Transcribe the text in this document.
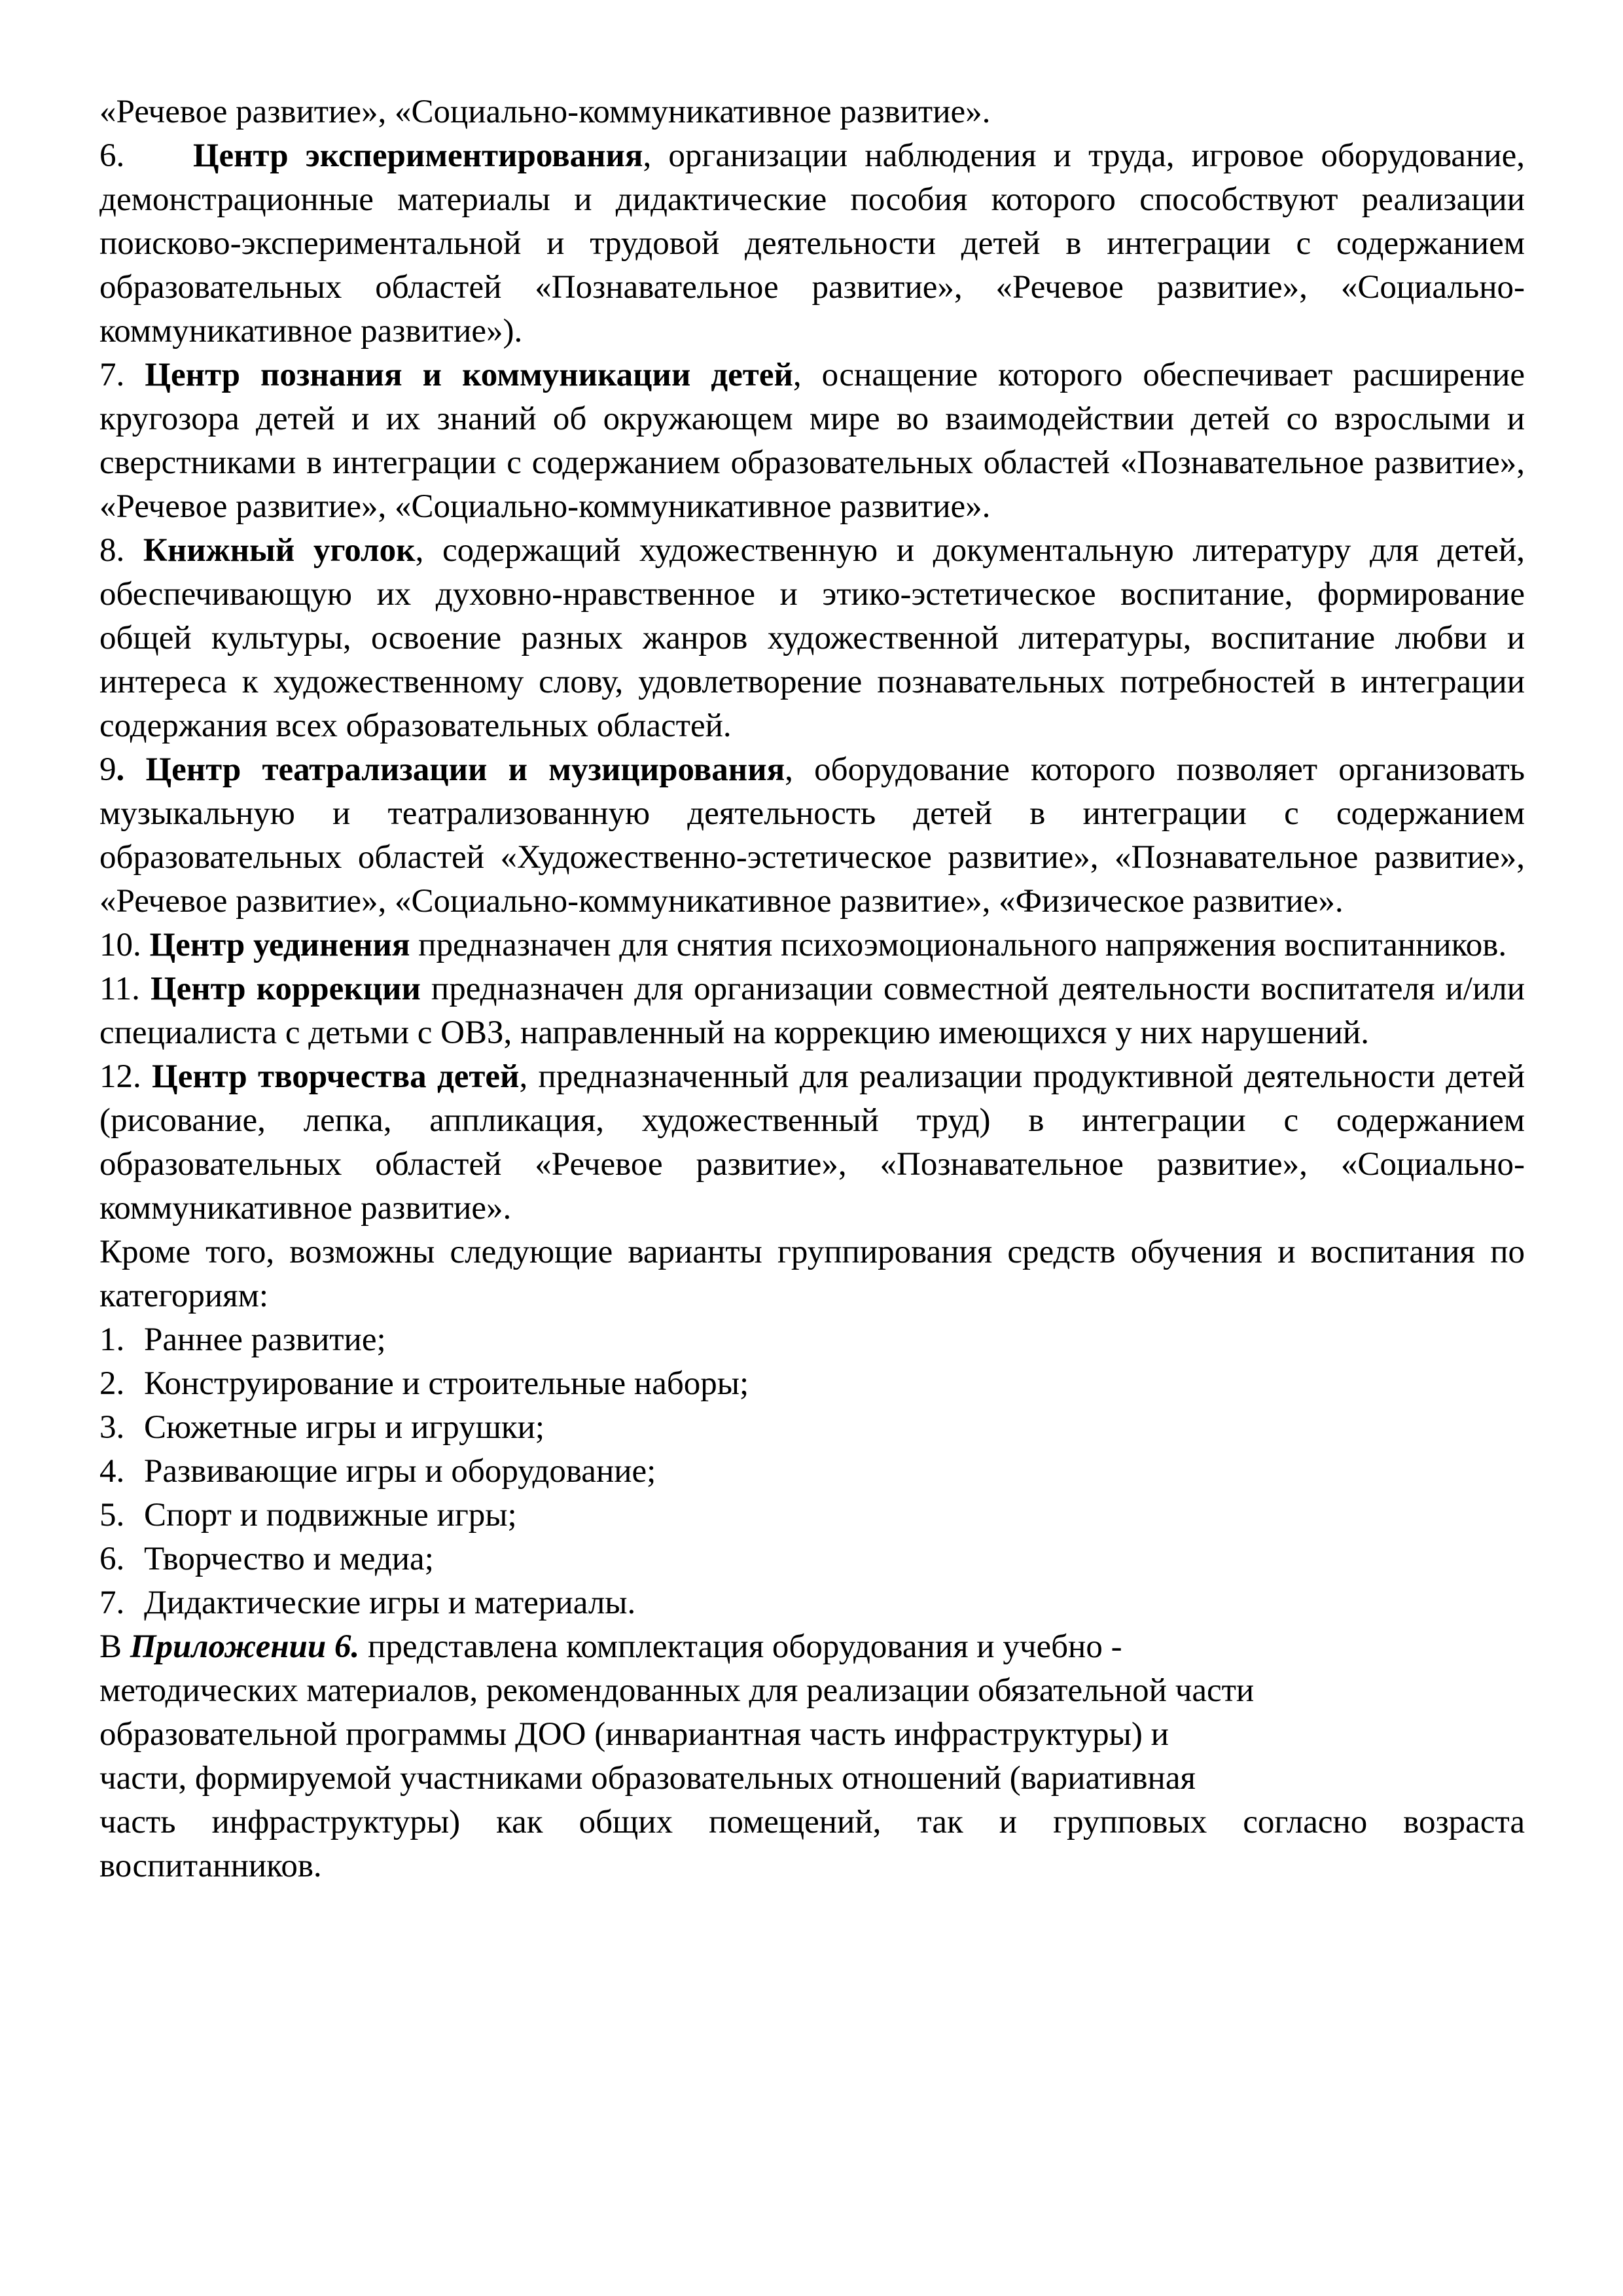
«Речевое развитие», «Социально-коммуникативное развитие».

6. Центр экспериментирования, организации наблюдения и труда, игровое оборудование, демонстрационные материалы и дидактические пособия которого способствуют реализации поисково-экспериментальной и трудовой деятельности детей в интеграции с содержанием образовательных областей «Познавательное развитие», «Речевое развитие», «Социально-коммуникативное развитие»).

7. Центр познания и коммуникации детей, оснащение которого обеспечивает расширение кругозора детей и их знаний об окружающем мире во взаимодействии детей со взрослыми и сверстниками в интеграции с содержанием образовательных областей «Познавательное развитие», «Речевое развитие», «Социально-коммуникативное развитие».

8. Книжный уголок, содержащий художественную и документальную литературу для детей, обеспечивающую их духовно-нравственное и этико-эстетическое воспитание, формирование общей культуры, освоение разных жанров художественной литературы, воспитание любви и интереса к художественному слову, удовлетворение познавательных потребностей в интеграции содержания всех образовательных областей.

9. Центр театрализации и музицирования, оборудование которого позволяет организовать музыкальную и театрализованную деятельность детей в интеграции с содержанием образовательных областей «Художественно-эстетическое развитие», «Познавательное развитие», «Речевое развитие», «Социально-коммуникативное развитие», «Физическое развитие».

10. Центр уединения предназначен для снятия психоэмоционального напряжения воспитанников.

11. Центр коррекции предназначен для организации совместной деятельности воспитателя и/или специалиста с детьми с ОВЗ, направленный на коррекцию имеющихся у них нарушений.

12. Центр творчества детей, предназначенный для реализации продуктивной деятельности детей (рисование, лепка, аппликация, художественный труд) в интеграции с содержанием образовательных областей «Речевое развитие», «Познавательное развитие», «Социально-коммуникативное развитие».

Кроме того, возможны следующие варианты группирования средств обучения и воспитания по категориям:

1. Раннее развитие;
2. Конструирование и строительные наборы;
3. Сюжетные игры и игрушки;
4. Развивающие игры и оборудование;
5. Спорт и подвижные игры;
6. Творчество и медиа;
7. Дидактические игры и материалы.
В Приложении 6. представлена комплектация оборудования и учебно -
методических материалов, рекомендованных для реализации обязательной части
образовательной программы ДОО (инвариантная часть инфраструктуры) и
части, формируемой участниками образовательных отношений (вариативная
часть инфраструктуры) как общих помещений, так и групповых согласно возраста
воспитанников.
